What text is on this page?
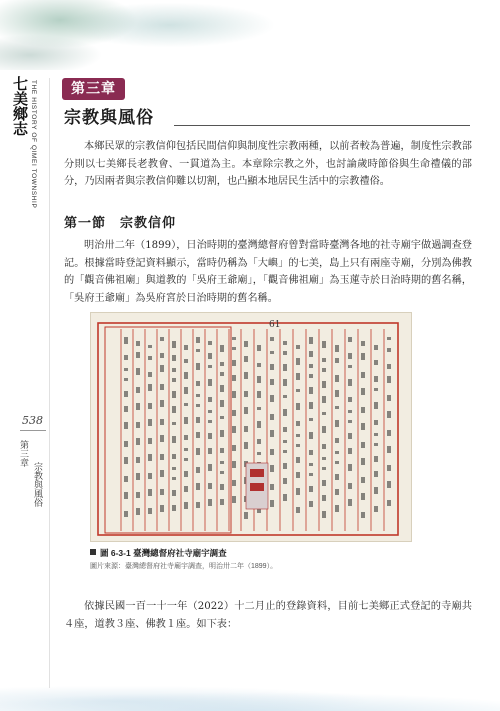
七美鄉志 THE HISTORY OF QIMEI TOWNSHIP
538
第三章
宗教與風俗
第三章
宗教與風俗

本鄉民眾的宗教信仰包括民間信仰與制度性宗教兩種，以前者較為普遍，制度性宗教部分則以七美鄉長老教會、一貫道為主。本章除宗教之外，也討論歲時節俗與生命禮儀的部分，乃因兩者與宗教信仰難以切割，也凸顯本地居民生活中的宗教禮俗。

第一節　宗教信仰

明治卅二年（1899），日治時期的臺灣總督府曾對當時臺灣各地的社寺廟宇做過調查登記。根據當時登記資料顯示，當時仍稱為「大嶼」的七美，島上只有兩座寺廟，分別為佛教的「觀音佛祖廟」與道教的「吳府王爺廟」，「觀音佛祖廟」為玉蓮寺於日治時期的舊名稱，「吳府王爺廟」為吳府宮於日治時期的舊名稱。

61
圖 6-3-1 臺灣總督府社寺廟宇調查
圖片來源：臺灣總督府社寺廟宇調查，明治卅二年（1899）。

依據民國一百一十一年（2022）十二月止的登錄資料，目前七美鄉正式登記的寺廟共４座，道教３座、佛教１座。如下表：
